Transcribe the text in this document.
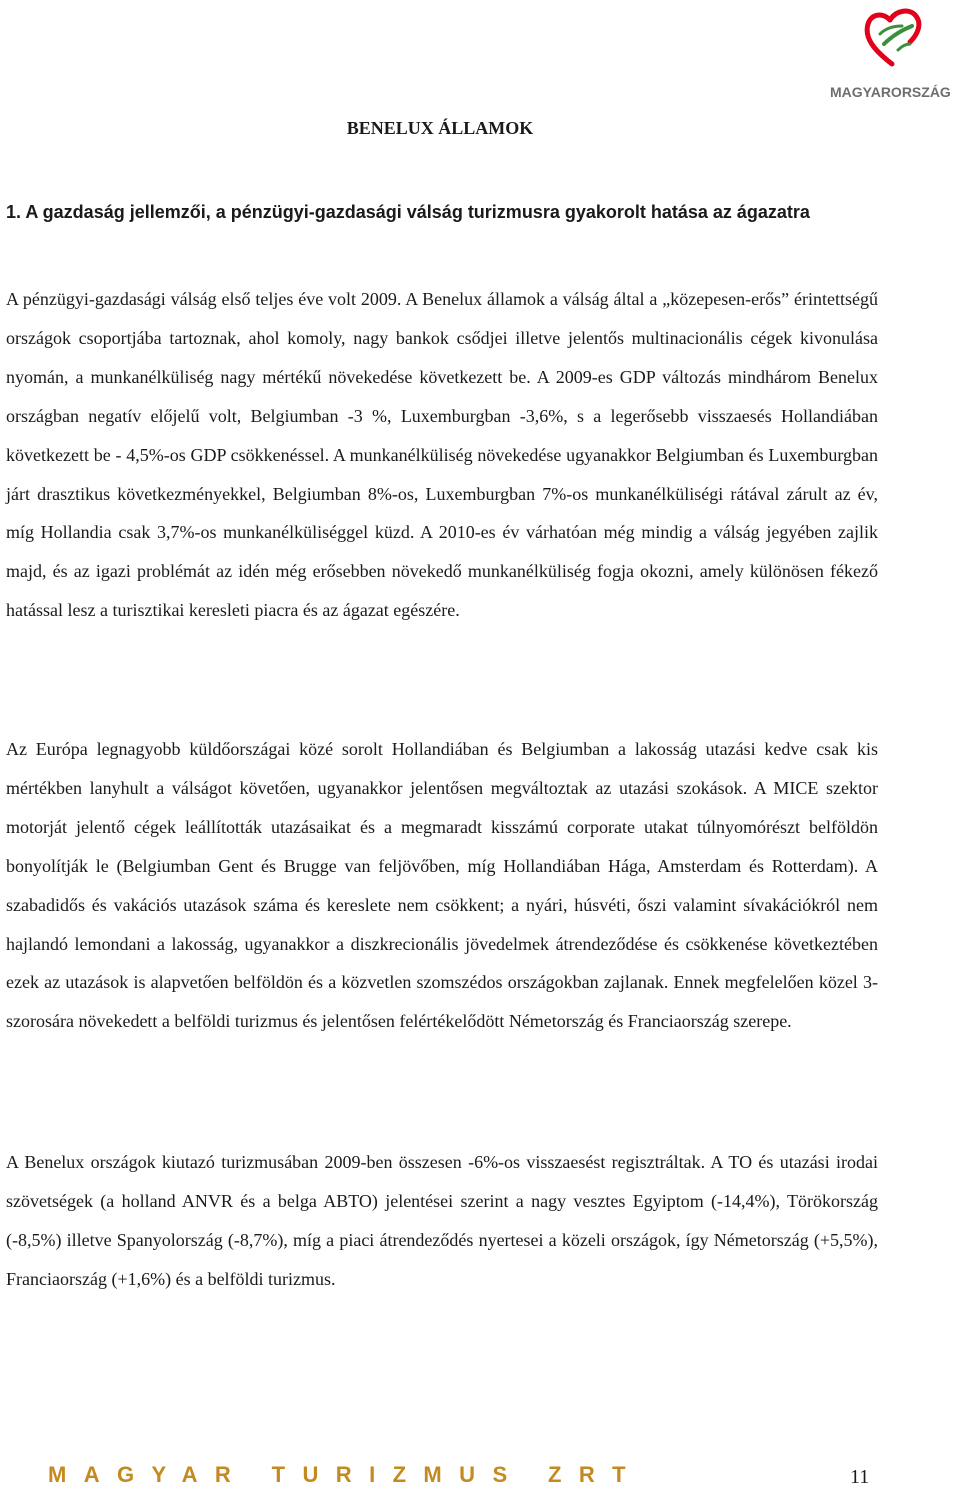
MAGYARORSZÁG
BENELUX ÁLLAMOK
1. A gazdaság jellemzői, a pénzügyi-gazdasági válság turizmusra gyakorolt hatása az ágazatra

A pénzügyi-gazdasági válság első teljes éve volt 2009. A Benelux államok a válság által a „közepesen-erős” érintettségű országok csoportjába tartoznak, ahol komoly, nagy bankok csődjei illetve jelentős multinacionális cégek kivonulása nyomán, a munkanélküliség nagy mértékű növekedése következett be. A 2009-es GDP változás mindhárom Benelux országban negatív előjelű volt, Belgiumban -3 %, Luxemburgban -3,6%, s a legerősebb visszaesés Hollandiában következett be - 4,5%-os GDP csökkenéssel. A munkanélküliség növekedése ugyanakkor Belgiumban és Luxemburgban járt drasztikus következményekkel, Belgiumban 8%-os, Luxemburgban 7%-os munkanélküliségi rátával zárult az év, míg Hollandia csak 3,7%-os munkanélküliséggel küzd. A 2010-es év várhatóan még mindig a válság jegyében zajlik majd, és az igazi problémát az idén még erősebben növekedő munkanélküliség fogja okozni, amely különösen fékező hatással lesz a turisztikai keresleti piacra és az ágazat egészére.

Az Európa legnagyobb küldőországai közé sorolt Hollandiában és Belgiumban a lakosság utazási kedve csak kis mértékben lanyhult a válságot követően, ugyanakkor jelentősen megváltoztak az utazási szokások. A MICE szektor motorját jelentő cégek leállították utazásaikat és a megmaradt kisszámú corporate utakat túlnyomórészt belföldön bonyolítják le (Belgiumban Gent és Brugge van feljövőben, míg Hollandiában Hága, Amsterdam és Rotterdam). A szabadidős és vakációs utazások száma és kereslete nem csökkent; a nyári, húsvéti, őszi valamint sívakációkról nem hajlandó lemondani a lakosság, ugyanakkor a diszkrecionális jövedelmek átrendeződése és csökkenése következtében ezek az utazások is alapvetően belföldön és a közvetlen szomszédos országokban zajlanak. Ennek megfelelően közel 3-szorosára növekedett a belföldi turizmus és jelentősen felértékelődött Németország és Franciaország szerepe.

A Benelux országok kiutazó turizmusában 2009-ben összesen -6%-os visszaesést regisztráltak. A TO és utazási irodai szövetségek (a holland ANVR és a belga ABTO) jelentései szerint a nagy vesztes Egyiptom (-14,4%), Törökország (-8,5%) illetve Spanyolország (-8,7%), míg a piaci átrendeződés nyertesei a közeli országok, így Németország (+5,5%), Franciaország (+1,6%) és a belföldi turizmus.

MAGYAR TURIZMUS ZRT	11
